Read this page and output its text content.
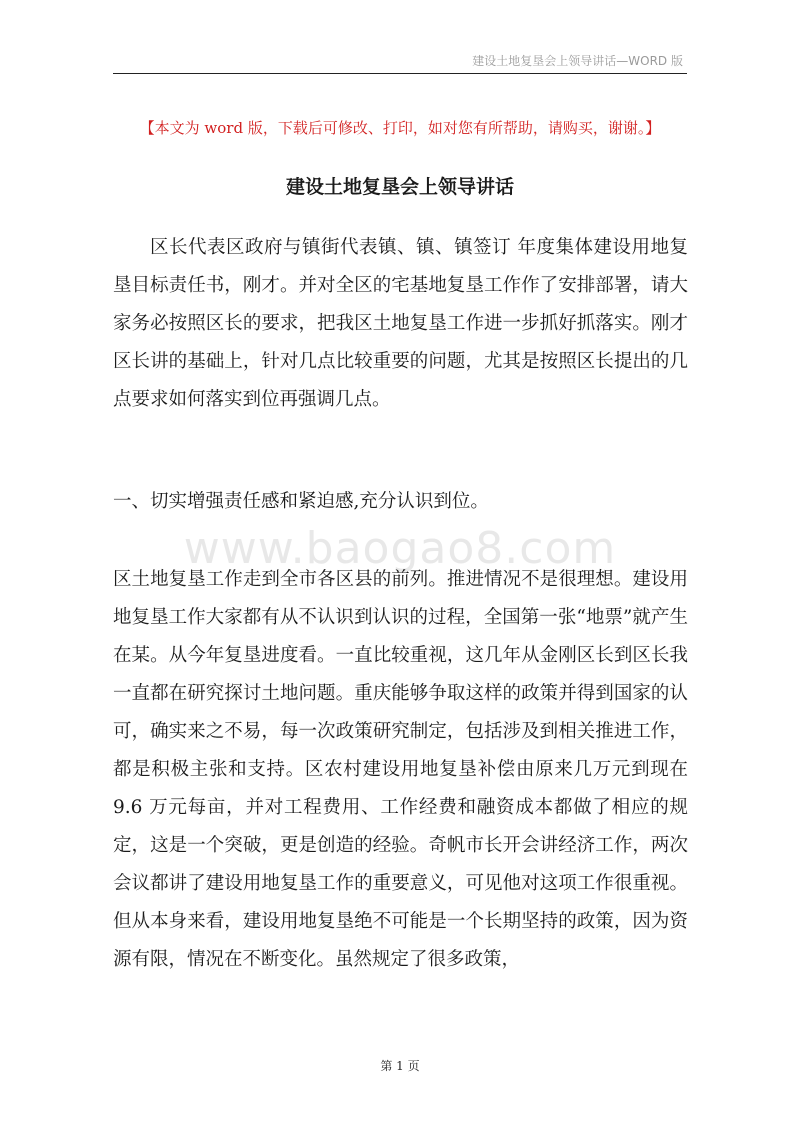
建设土地复垦会上领导讲话—WORD 版
【本文为 word 版，下载后可修改、打印，如对您有所帮助，请购买，谢谢。】
建设土地复垦会上领导讲话

区长代表区政府与镇街代表镇、镇、镇签订 年度集体建设用地复垦目标责任书，刚才。并对全区的宅基地复垦工作作了安排部署，请大家务必按照区长的要求，把我区土地复垦工作进一步抓好抓落实。刚才区长讲的基础上，针对几点比较重要的问题，尤其是按照区长提出的几点要求如何落实到位再强调几点。

一、切实增强责任感和紧迫感,充分认识到位。

www.baogao8.com

区土地复垦工作走到全市各区县的前列。推进情况不是很理想。建设用地复垦工作大家都有从不认识到认识的过程，全国第一张“地票”就产生在某。从今年复垦进度看。一直比较重视，这几年从金刚区长到区长我一直都在研究探讨土地问题。重庆能够争取这样的政策并得到国家的认可，确实来之不易，每一次政策研究制定，包括涉及到相关推进工作，都是积极主张和支持。区农村建设用地复垦补偿由原来几万元到现在 9.6 万元每亩，并对工程费用、工作经费和融资成本都做了相应的规定，这是一个突破，更是创造的经验。奇帆市长开会讲经济工作，两次会议都讲了建设用地复垦工作的重要意义，可见他对这项工作很重视。但从本身来看，建设用地复垦绝不可能是一个长期坚持的政策，因为资源有限，情况在不断变化。虽然规定了很多政策，

第 1 页
